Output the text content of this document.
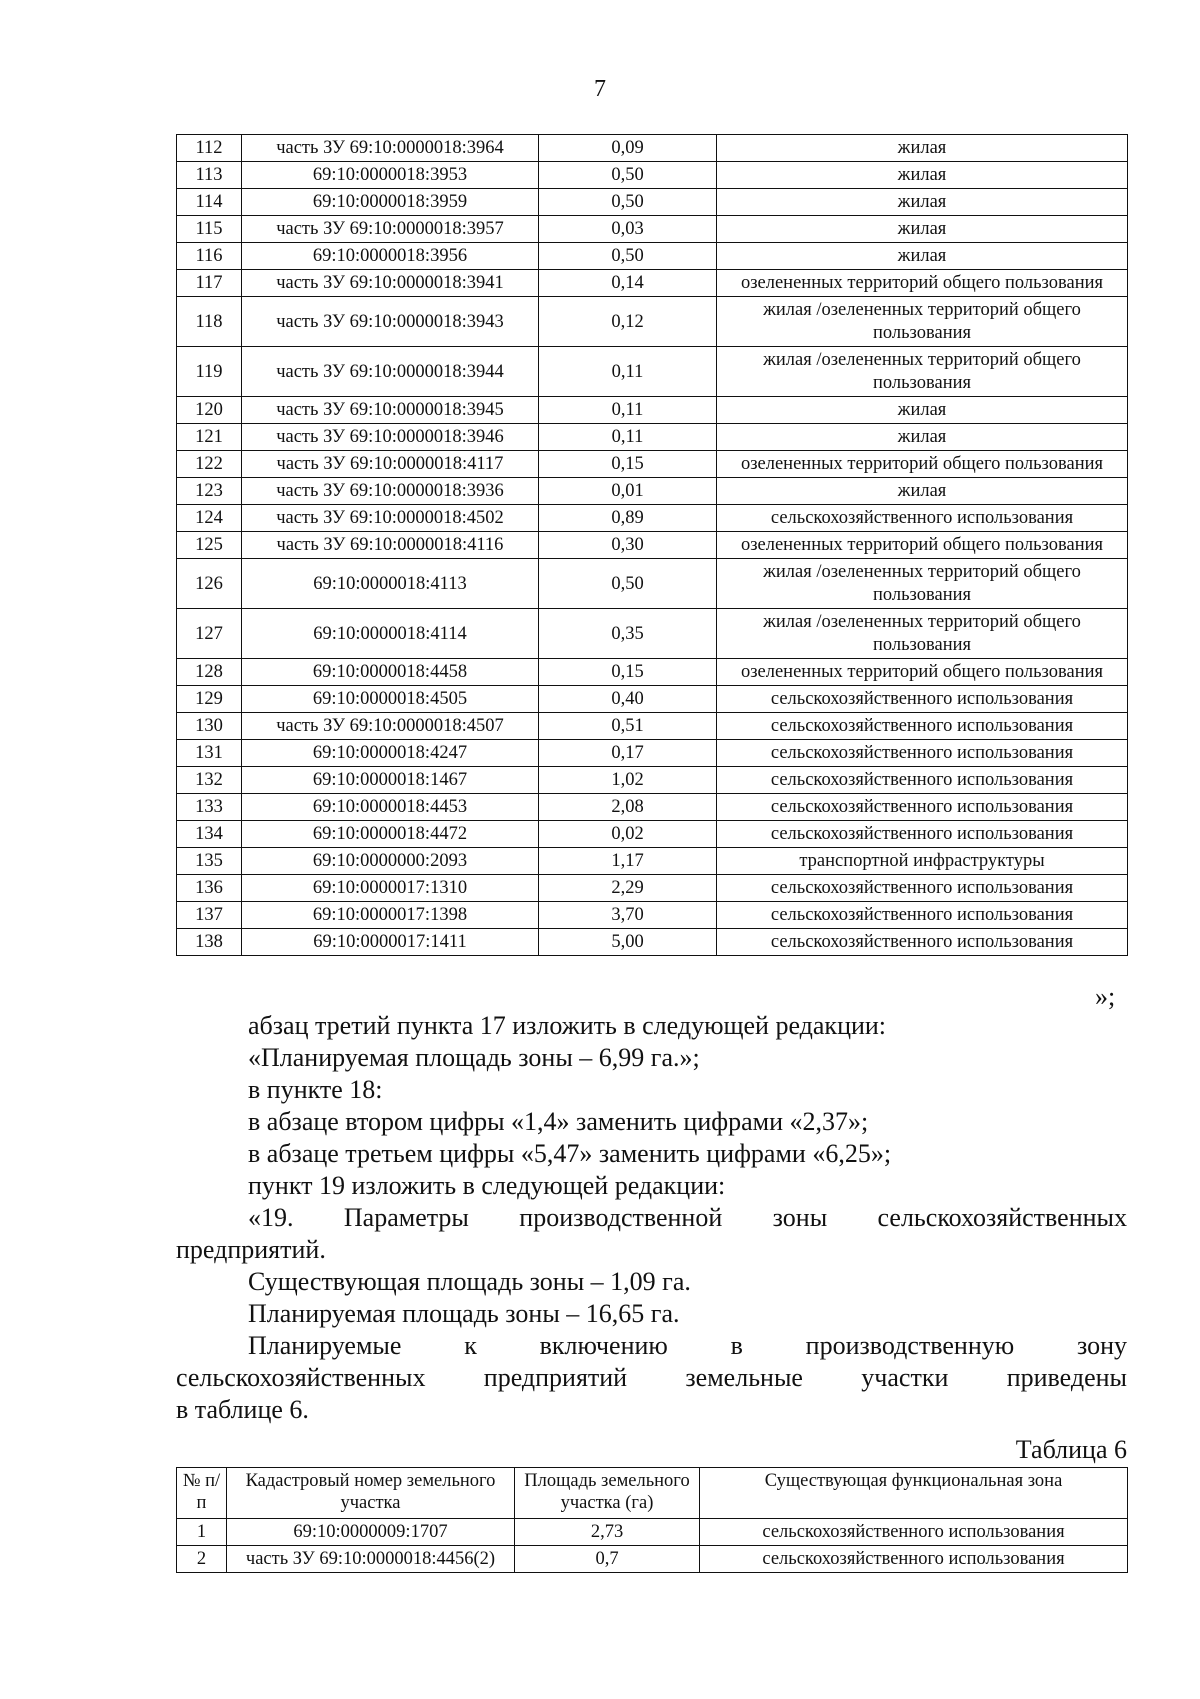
7
112	часть ЗУ 69:10:0000018:3964	0,09	жилая
113	69:10:0000018:3953	0,50	жилая
114	69:10:0000018:3959	0,50	жилая
115	часть ЗУ 69:10:0000018:3957	0,03	жилая
116	69:10:0000018:3956	0,50	жилая
117	часть ЗУ 69:10:0000018:3941	0,14	озелененных территорий общего пользования
118	часть ЗУ 69:10:0000018:3943	0,12	жилая /озелененных территорий общего пользования
119	часть ЗУ 69:10:0000018:3944	0,11	жилая /озелененных территорий общего пользования
120	часть ЗУ 69:10:0000018:3945	0,11	жилая
121	часть ЗУ 69:10:0000018:3946	0,11	жилая
122	часть ЗУ 69:10:0000018:4117	0,15	озелененных территорий общего пользования
123	часть ЗУ 69:10:0000018:3936	0,01	жилая
124	часть ЗУ 69:10:0000018:4502	0,89	сельскохозяйственного использования
125	часть ЗУ 69:10:0000018:4116	0,30	озелененных территорий общего пользования
126	69:10:0000018:4113	0,50	жилая /озелененных территорий общего пользования
127	69:10:0000018:4114	0,35	жилая /озелененных территорий общего пользования
128	69:10:0000018:4458	0,15	озелененных территорий общего пользования
129	69:10:0000018:4505	0,40	сельскохозяйственного использования
130	часть ЗУ 69:10:0000018:4507	0,51	сельскохозяйственного использования
131	69:10:0000018:4247	0,17	сельскохозяйственного использования
132	69:10:0000018:1467	1,02	сельскохозяйственного использования
133	69:10:0000018:4453	2,08	сельскохозяйственного использования
134	69:10:0000018:4472	0,02	сельскохозяйственного использования
135	69:10:0000000:2093	1,17	транспортной инфраструктуры
136	69:10:0000017:1310	2,29	сельскохозяйственного использования
137	69:10:0000017:1398	3,70	сельскохозяйственного использования
138	69:10:0000017:1411	5,00	сельскохозяйственного использования
»;

абзац третий пункта 17 изложить в следующей редакции:

«Планируемая площадь зоны – 6,99 га.»;

в пункте 18:

в абзаце втором цифры «1,4» заменить цифрами «2,37»;

в абзаце третьем цифры «5,47» заменить цифрами «6,25»;

пункт 19 изложить в следующей редакции:

«19. Параметры производственной зоны сельскохозяйственных

предприятий.

Существующая площадь зоны – 1,09 га.

Планируемая площадь зоны – 16,65 га.

Планируемые к включению в производственную зону

сельскохозяйственных предприятий земельные участки приведены

в таблице 6.

Таблица 6

№ п/п	Кадастровый номер земельного участка	Площадь земельного участка (га)	Существующая функциональная зона
1	69:10:0000009:1707	2,73	сельскохозяйственного использования
2	часть ЗУ 69:10:0000018:4456(2)	0,7	сельскохозяйственного использования
